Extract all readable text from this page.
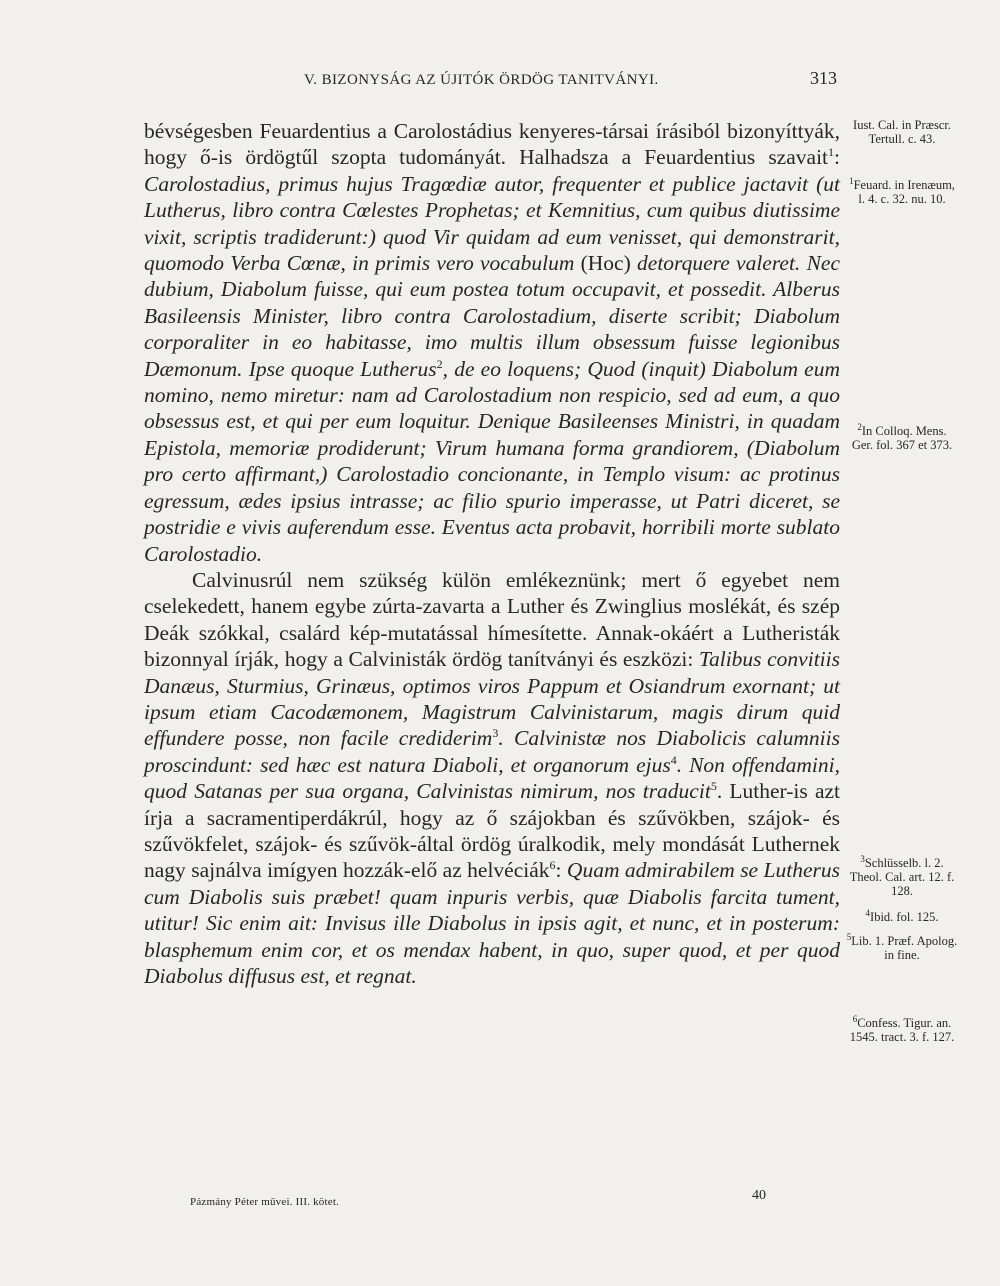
V. BIZONYSÁG AZ ÚJITÓK ÖRDÖG TANITVÁNYI.	313

bévségesben Feuardentius a Carolostádius kenyeres-társai írásiból bizonyíttyák, hogy ő-is ördögtűl szopta tudományát. Halhadsza a Feuardentius szavait$^1$: Carolostadius, primus hujus Tragœdiæ autor, frequenter et publice jactavit (ut Lutherus, libro contra Cœlestes Prophetas; et Kemnitius, cum quibus diutissime vixit, scriptis tradiderunt:) quod Vir quidam ad eum venisset, qui demonstrarit, quomodo Verba Cœnæ, in primis vero vocabulum (Hoc) detorquere valeret. Nec dubium, Diabolum fuisse, qui eum postea totum occupavit, et possedit. Alberus Basileensis Minister, libro contra Carolostadium, diserte scribit; Diabolum corporaliter in eo habitasse, imo multis illum obsessum fuisse legionibus Dæmonum. Ipse quoque Lutherus$^2$, de eo loquens; Quod (inquit) Diabolum eum nomino, nemo miretur: nam ad Carolostadium non respicio, sed ad eum, a quo obsessus est, et qui per eum loquitur. Denique Basileenses Ministri, in quadam Epistola, memoriæ prodiderunt; Virum humana forma grandiorem, (Diabolum pro certo affirmant,) Carolostadio concionante, in Templo visum: ac protinus egressum, ædes ipsius intrasse; ac filio spurio imperasse, ut Patri diceret, se postridie e vivis auferendum esse. Eventus acta probavit, horribili morte sublato Carolostadio.

Calvinusrúl nem szükség külön emlékeznünk; mert ő egyebet nem cselekedett, hanem egybe zúrta-zavarta a Luther és Zwinglius moslékát, és szép Deák szókkal, csalárd kép-mutatással hímesítette. Annak-okáért a Lutheristák bizonnyal írják, hogy a Calvinisták ördög tanítványi és eszközi: Talibus convitiis Danæus, Sturmius, Grinæus, optimos viros Pappum et Osiandrum exornant; ut ipsum etiam Cacodæmonem, Magistrum Calvinistarum, magis dirum quid effundere posse, non facile crediderim$^3$. Calvinistæ nos Diabolicis calumniis proscindunt: sed hæc est natura Diaboli, et organorum ejus$^4$. Non offendamini, quod Satanas per sua organa, Calvinistas nimirum, nos traducit$^5$. Luther-is azt írja a sacramentiperdákrúl, hogy az ő szájokban és szűvökben, szájok- és szűvökfelet, szájok- és szűvök-által ördög úralkodik, mely mondását Luthernek nagy sajnálva imígyen hozzák-elő az helvéciák$^6$: Quam admirabilem se Lutherus cum Diabolis suis præbet! quam inpuris verbis, quæ Diabolis farcita tument, utitur! Sic enim ait: Invisus ille Diabolus in ipsis agit, et nunc, et in posterum: blasphemum enim cor, et os mendax habent, in quo, super quod, et per quod Diabolus diffusus est, et regnat.

Iust. Cal. in Præscr. Tertull. c. 43.
$^1$Feuard. in Irenæum, l. 4. c. 32. nu. 10.
$^2$In Colloq. Mens. Ger. fol. 367 et 373.
$^3$Schlüsselb. l. 2. Theol. Cal. art. 12. f. 128.
$^4$Ibid. fol. 125.
$^5$Lib. 1. Præf. Apolog. in fine.
$^6$Confess. Tigur. an. 1545. tract. 3. f. 127.
Pázmány Péter művei. III. kötet.	40
